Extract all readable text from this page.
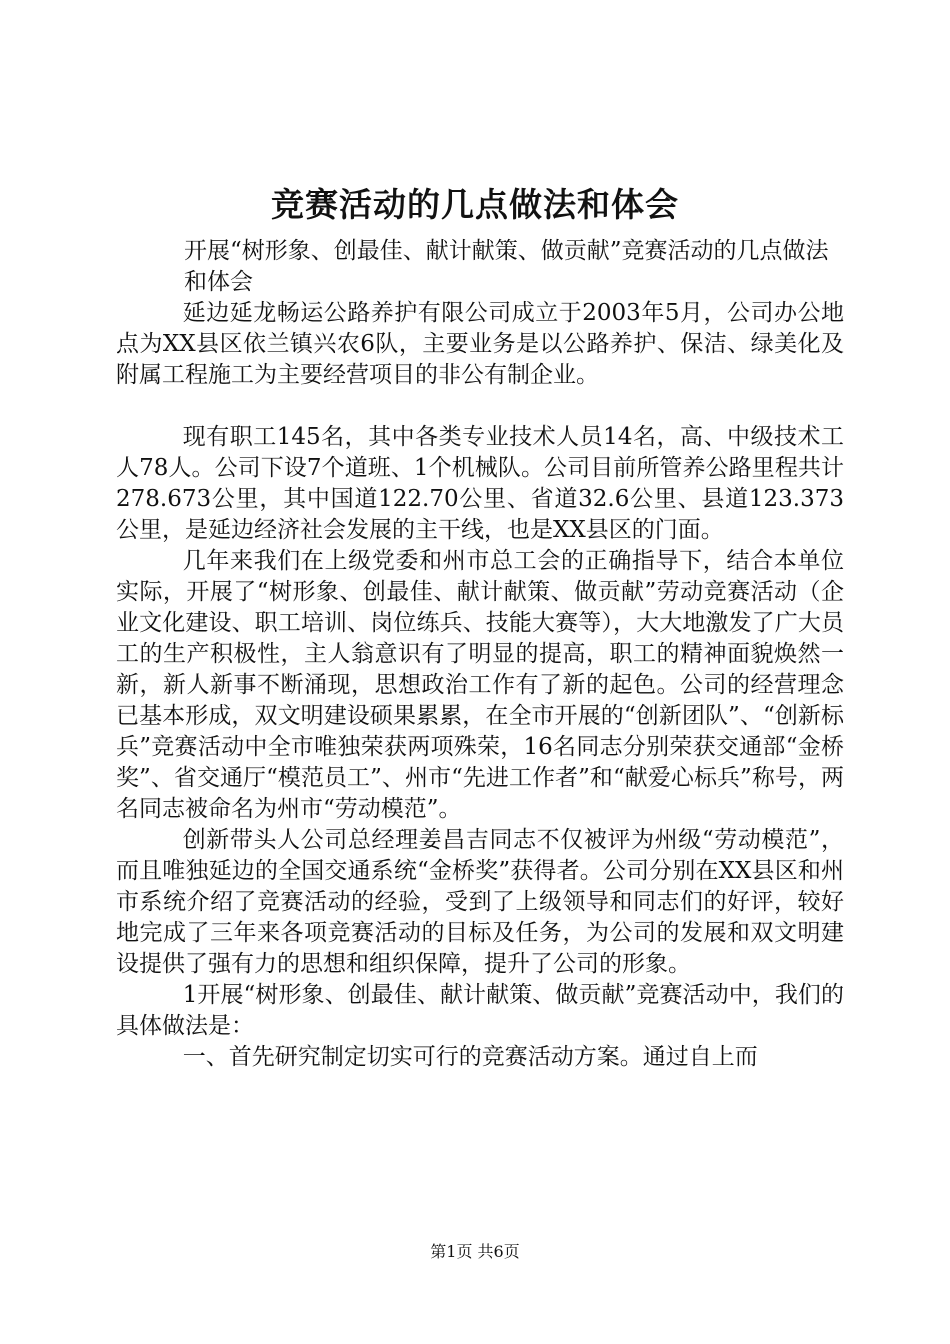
竞赛活动的几点做法和体会

开展“树形象、创最佳、献计献策、做贡献”竞赛活动的几点做法和体会

延边延龙畅运公路养护有限公司成立于2003年5月，公司办公地点为XX县区依兰镇兴农6队，主要业务是以公路养护、保洁、绿美化及附属工程施工为主要经营项目的非公有制企业。

现有职工145名，其中各类专业技术人员14名，高、中级技术工人78人。公司下设7个道班、1个机械队。公司目前所管养公路里程共计278.673公里，其中国道122.70公里、省道32.6公里、县道123.373公里，是延边经济社会发展的主干线，也是XX县区的门面。

几年来我们在上级党委和州市总工会的正确指导下，结合本单位实际，开展了“树形象、创最佳、献计献策、做贡献”劳动竞赛活动（企业文化建设、职工培训、岗位练兵、技能大赛等），大大地激发了广大员工的生产积极性，主人翁意识有了明显的提高，职工的精神面貌焕然一新，新人新事不断涌现，思想政治工作有了新的起色。公司的经营理念已基本形成，双文明建设硕果累累，在全市开展的“创新团队”、“创新标兵”竞赛活动中全市唯独荣获两项殊荣，16名同志分别荣获交通部“金桥奖”、省交通厅“模范员工”、州市“先进工作者”和“献爱心标兵”称号，两名同志被命名为州市“劳动模范”。

创新带头人公司总经理姜昌吉同志不仅被评为州级“劳动模范”，而且唯独延边的全国交通系统“金桥奖”获得者。公司分别在XX县区和州市系统介绍了竞赛活动的经验，受到了上级领导和同志们的好评，较好地完成了三年来各项竞赛活动的目标及任务，为公司的发展和双文明建设提供了强有力的思想和组织保障，提升了公司的形象。

1开展“树形象、创最佳、献计献策、做贡献”竞赛活动中，我们的具体做法是：

一、首先研究制定切实可行的竞赛活动方案。通过自上而

第1页 共6页
